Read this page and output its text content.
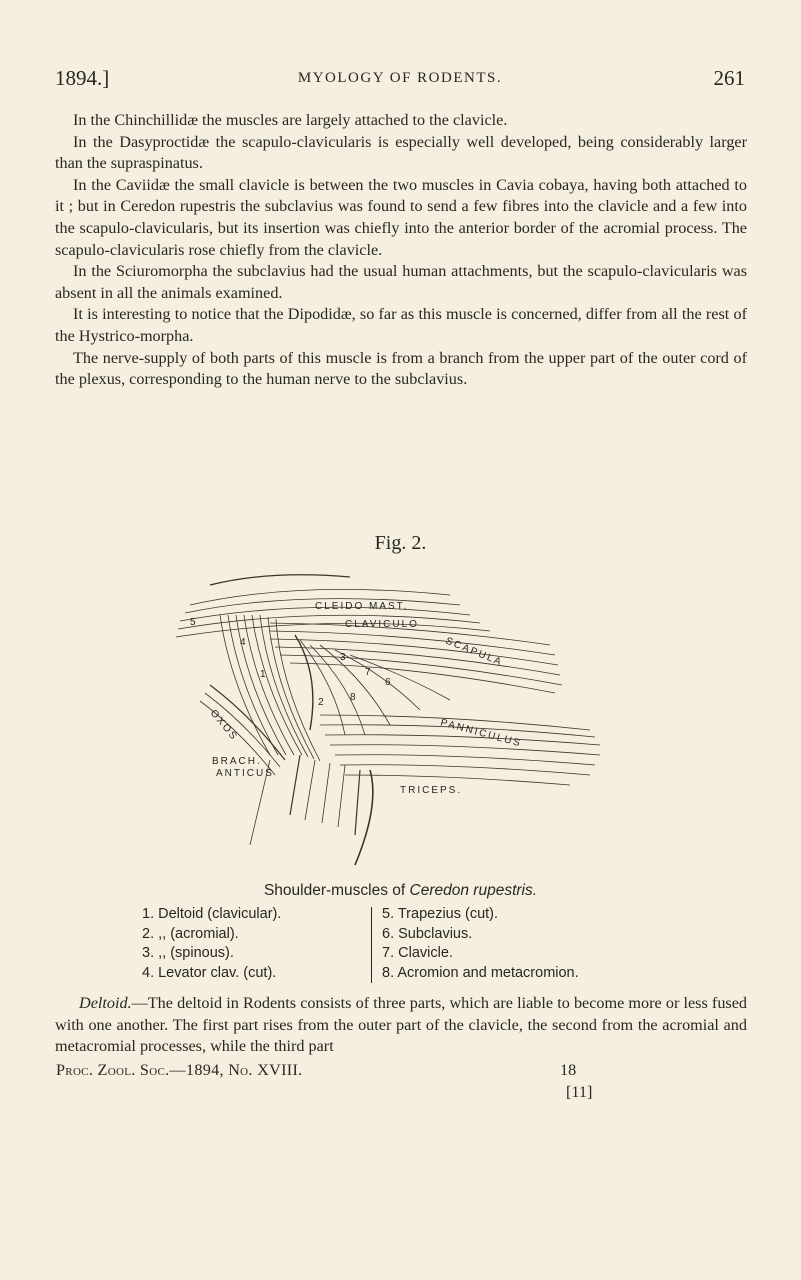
1894.]	MYOLOGY OF RODENTS.	261

In the Chinchillidæ the muscles are largely attached to the clavicle.

In the Dasyproctidæ the scapulo-clavicularis is especially well developed, being considerably larger than the supraspinatus.

In the Caviidæ the small clavicle is between the two muscles in Cavia cobaya, having both attached to it ; but in Ceredon rupestris the subclavius was found to send a few fibres into the clavicle and a few into the scapulo-clavicularis, but its insertion was chiefly into the anterior border of the acromial process. The scapulo-clavicularis rose chiefly from the clavicle.

In the Sciuromorpha the subclavius had the usual human attachments, but the scapulo-clavicularis was absent in all the animals examined.

It is interesting to notice that the Dipodidæ, so far as this muscle is concerned, differ from all the rest of the Hystrico-morpha.

The nerve-supply of both parts of this muscle is from a branch from the upper part of the outer cord of the plexus, corresponding to the human nerve to the subclavius.

Fig. 2.
CLEIDO MAST.
CLAVICULO
SCAPULA
OXOS	PANNICULUS
BRACH.
ANTICUS
TRICEPS.
1
2
3
4
5
6
7
8
Shoulder-muscles of Ceredon rupestris.
1. Deltoid (clavicular).
2. ,, (acromial).
3. ,, (spinous).
4. Levator clav. (cut).
5. Trapezius (cut).
6. Subclavius.
7. Clavicle.
8. Acromion and metacromion.

Deltoid.—The deltoid in Rodents consists of three parts, which are liable to become more or less fused with one another. The first part rises from the outer part of the clavicle, the second from the acromial and metacromial processes, while the third part

Proc. Zool. Soc.—1894, No. XVIII.	18
[11]
